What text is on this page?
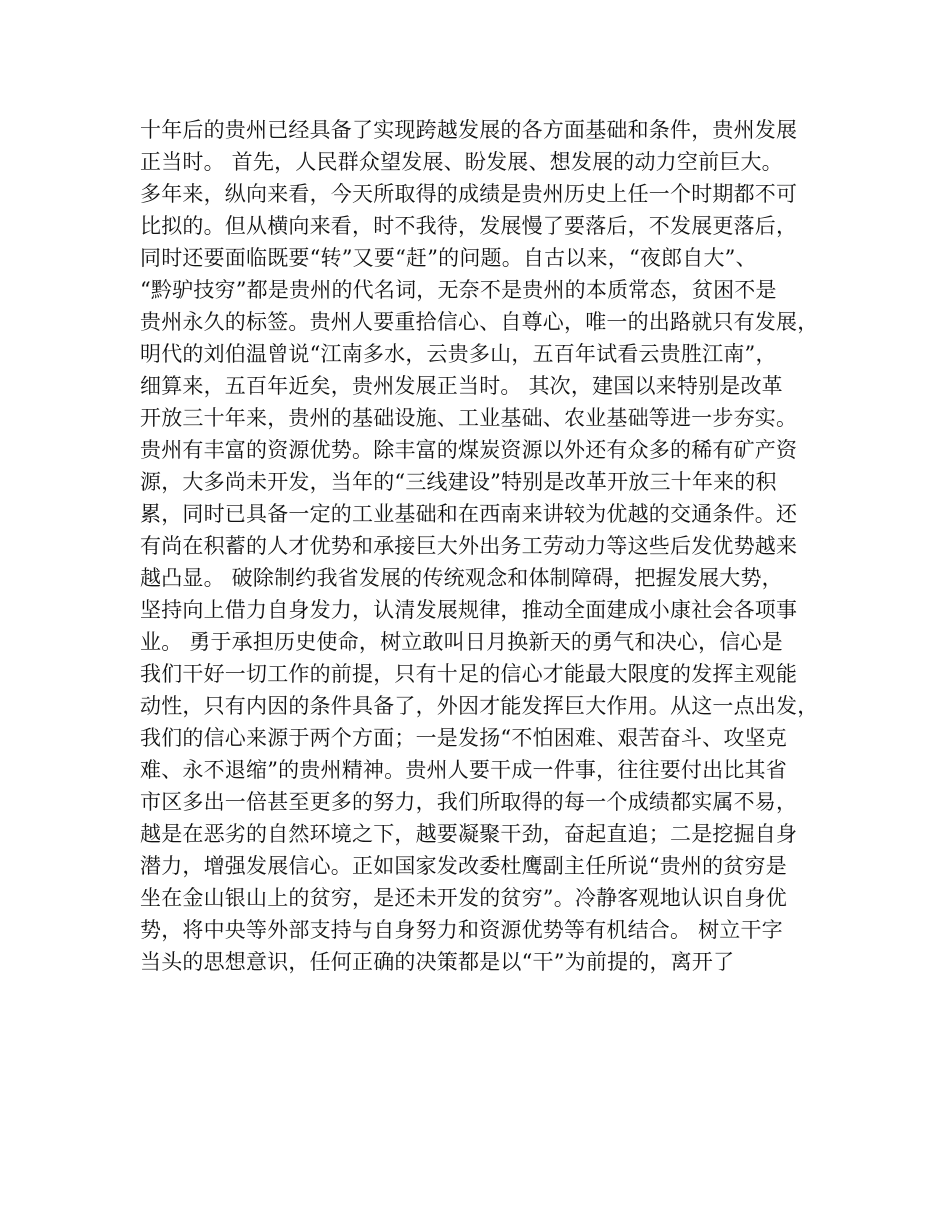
十年后的贵州已经具备了实现跨越发展的各方面基础和条件，贵州发展
正当时。 首先，人民群众望发展、盼发展、想发展的动力空前巨大。
多年来，纵向来看，今天所取得的成绩是贵州历史上任一个时期都不可
比拟的。但从横向来看，时不我待，发展慢了要落后，不发展更落后，
同时还要面临既要“转”又要“赶”的问题。自古以来，“夜郎自大”、
“黔驴技穷”都是贵州的代名词，无奈不是贵州的本质常态，贫困不是
贵州永久的标签。贵州人要重拾信心、自尊心，唯一的出路就只有发展，
明代的刘伯温曾说“江南多水，云贵多山，五百年试看云贵胜江南”，
细算来，五百年近矣，贵州发展正当时。 其次，建国以来特别是改革
开放三十年来，贵州的基础设施、工业基础、农业基础等进一步夯实。
贵州有丰富的资源优势。除丰富的煤炭资源以外还有众多的稀有矿产资
源，大多尚未开发，当年的“三线建设”特别是改革开放三十年来的积
累，同时已具备一定的工业基础和在西南来讲较为优越的交通条件。还
有尚在积蓄的人才优势和承接巨大外出务工劳动力等这些后发优势越来
越凸显。 破除制约我省发展的传统观念和体制障碍，把握发展大势，
坚持向上借力自身发力，认清发展规律，推动全面建成小康社会各项事
业。 勇于承担历史使命，树立敢叫日月换新天的勇气和决心，信心是
我们干好一切工作的前提，只有十足的信心才能最大限度的发挥主观能
动性，只有内因的条件具备了，外因才能发挥巨大作用。从这一点出发，
我们的信心来源于两个方面；一是发扬“不怕困难、艰苦奋斗、攻坚克
难、永不退缩”的贵州精神。贵州人要干成一件事，往往要付出比其省
市区多出一倍甚至更多的努力，我们所取得的每一个成绩都实属不易，
越是在恶劣的自然环境之下，越要凝聚干劲，奋起直追；二是挖掘自身
潜力，增强发展信心。正如国家发改委杜鹰副主任所说“贵州的贫穷是
坐在金山银山上的贫穷，是还未开发的贫穷”。冷静客观地认识自身优
势，将中央等外部支持与自身努力和资源优势等有机结合。 树立干字
当头的思想意识，任何正确的决策都是以“干”为前提的，离开了
